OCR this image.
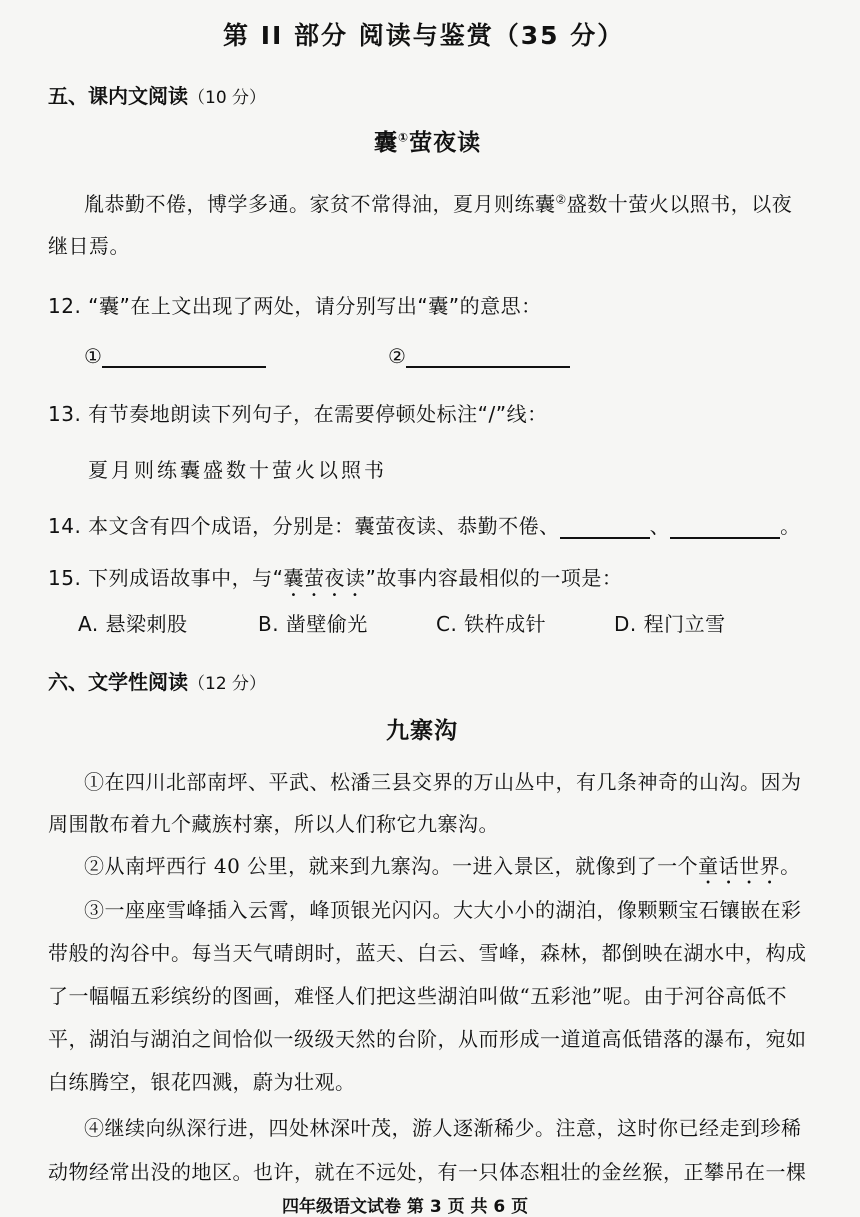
第 II 部分 阅读与鉴赏（35 分）
五、课内文阅读（10 分）
囊①萤夜读
胤恭勤不倦，博学多通。家贫不常得油，夏月则练囊②盛数十萤火以照书，以夜
继日焉。
12. “囊”在上文出现了两处，请分别写出“囊”的意思：
①	②
13. 有节奏地朗读下列句子，在需要停顿处标注“/”线：
夏月则练囊盛数十萤火以照书
14. 本文含有四个成语，分别是：囊萤夜读、恭勤不倦、	、	。
15. 下列成语故事中，与“囊萤夜读”故事内容最相似的一项是：
A. 悬梁刺股	B. 凿壁偷光	C. 铁杵成针	D. 程门立雪
六、文学性阅读（12 分）
九寨沟
①在四川北部南坪、平武、松潘三县交界的万山丛中，有几条神奇的山沟。因为
周围散布着九个藏族村寨，所以人们称它九寨沟。
②从南坪西行 40 公里，就来到九寨沟。一进入景区，就像到了一个童话世界。
③一座座雪峰插入云霄，峰顶银光闪闪。大大小小的湖泊，像颗颗宝石镶嵌在彩
带般的沟谷中。每当天气晴朗时，蓝天、白云、雪峰，森林，都倒映在湖水中，构成
了一幅幅五彩缤纷的图画，难怪人们把这些湖泊叫做“五彩池”呢。由于河谷高低不
平，湖泊与湖泊之间恰似一级级天然的台阶，从而形成一道道高低错落的瀑布，宛如
白练腾空，银花四溅，蔚为壮观。
④继续向纵深行进，四处林深叶茂，游人逐渐稀少。注意，这时你已经走到珍稀
动物经常出没的地区。也许，就在不远处，有一只体态粗壮的金丝猴，正攀吊在一棵
四年级语文试卷 第 3 页 共 6 页
